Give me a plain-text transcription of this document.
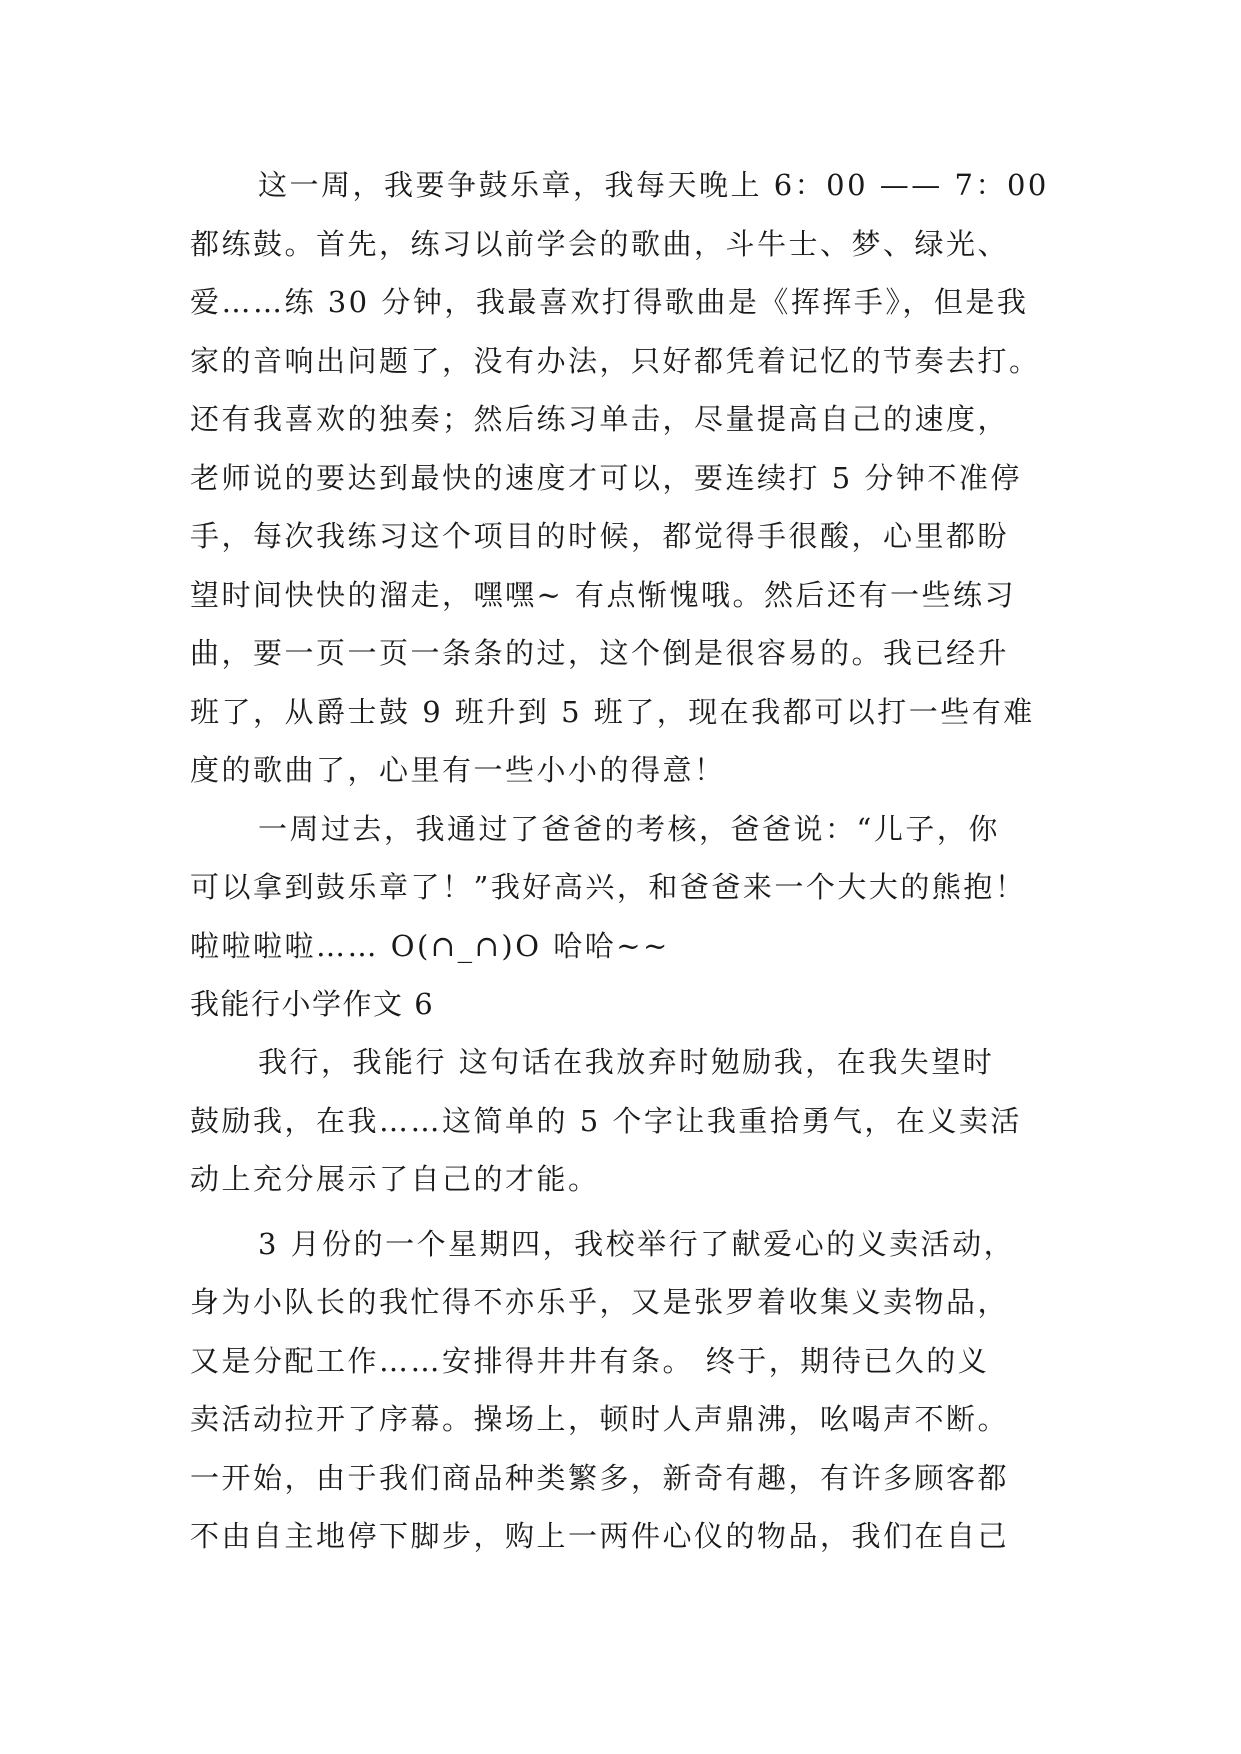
这一周，我要争鼓乐章，我每天晚上 6：00 —— 7：00
都练鼓。首先，练习以前学会的歌曲，斗牛士、梦、绿光、
爱……练 30 分钟，我最喜欢打得歌曲是《挥挥手》，但是我
家的音响出问题了，没有办法，只好都凭着记忆的节奏去打。
还有我喜欢的独奏；然后练习单击，尽量提高自己的速度，
老师说的要达到最快的速度才可以，要连续打 5 分钟不准停
手，每次我练习这个项目的时候，都觉得手很酸，心里都盼
望时间快快的溜走，嘿嘿~ 有点惭愧哦。然后还有一些练习
曲，要一页一页一条条的过，这个倒是很容易的。我已经升
班了，从爵士鼓 9 班升到 5 班了，现在我都可以打一些有难
度的歌曲了，心里有一些小小的得意！
一周过去，我通过了爸爸的考核，爸爸说：“儿子，你
可以拿到鼓乐章了！”我好高兴，和爸爸来一个大大的熊抱！
啦啦啦啦…… O(∩_∩)O 哈哈~~
我能行小学作文 6
我行，我能行 这句话在我放弃时勉励我，在我失望时
鼓励我，在我……这简单的 5 个字让我重拾勇气，在义卖活
动上充分展示了自己的才能。
3 月份的一个星期四，我校举行了献爱心的义卖活动，
身为小队长的我忙得不亦乐乎，又是张罗着收集义卖物品，
又是分配工作……安排得井井有条。 终于，期待已久的义
卖活动拉开了序幕。操场上，顿时人声鼎沸，吆喝声不断。
一开始，由于我们商品种类繁多，新奇有趣，有许多顾客都
不由自主地停下脚步，购上一两件心仪的物品，我们在自己
